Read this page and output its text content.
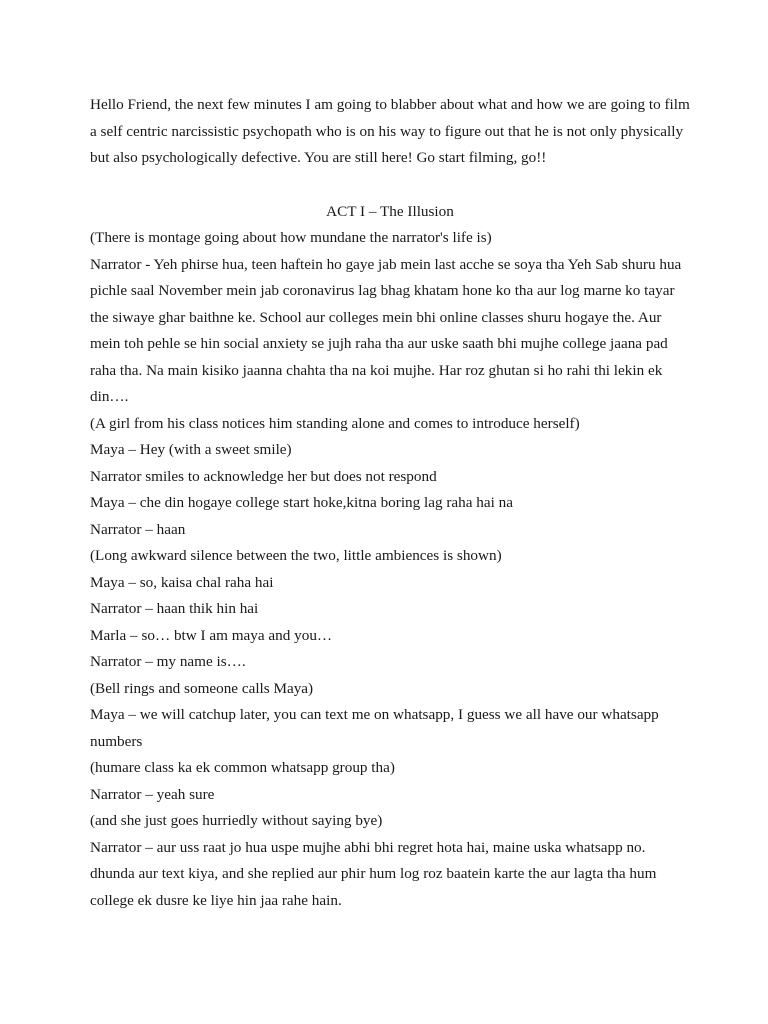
Hello Friend, the next few minutes I am going to blabber about what and how we are going to film a self centric narcissistic psychopath who is on his way to figure out that he is not only physically but also psychologically defective. You are still here! Go start filming, go!!

ACT I – The Illusion

(There is montage going about how mundane the narrator's life is)

Narrator - Yeh phirse hua, teen haftein ho gaye jab mein last acche se soya tha Yeh Sab shuru hua pichle saal November mein jab coronavirus lag bhag khatam hone ko tha aur log marne ko tayar the siwaye ghar baithne ke. School aur colleges mein bhi online classes shuru hogaye the. Aur mein toh pehle se hin social anxiety se jujh raha tha aur uske saath bhi mujhe college jaana pad raha tha. Na main kisiko jaanna chahta tha na koi mujhe. Har roz ghutan si ho rahi thi lekin ek din….

(A girl from his class notices him standing alone and comes to introduce herself)

Maya – Hey (with a sweet smile)

Narrator smiles to acknowledge her but does not respond

Maya – che din hogaye college start hoke,kitna boring lag raha hai na

Narrator – haan

(Long awkward silence between the two, little ambiences is shown)

Maya – so, kaisa chal raha hai

Narrator – haan thik hin hai

Marla – so… btw I am maya and you…

Narrator – my name is….

(Bell rings and someone calls Maya)

Maya – we will catchup later, you can text me on whatsapp, I guess we all have our whatsapp numbers

(humare class ka ek common whatsapp group tha)

Narrator – yeah sure

(and she just goes hurriedly without saying bye)

Narrator – aur uss raat jo hua uspe mujhe abhi bhi regret hota hai, maine uska whatsapp no. dhunda aur text kiya, and she replied aur phir hum log roz baatein karte the aur lagta tha hum college ek dusre ke liye hin jaa rahe hain.
